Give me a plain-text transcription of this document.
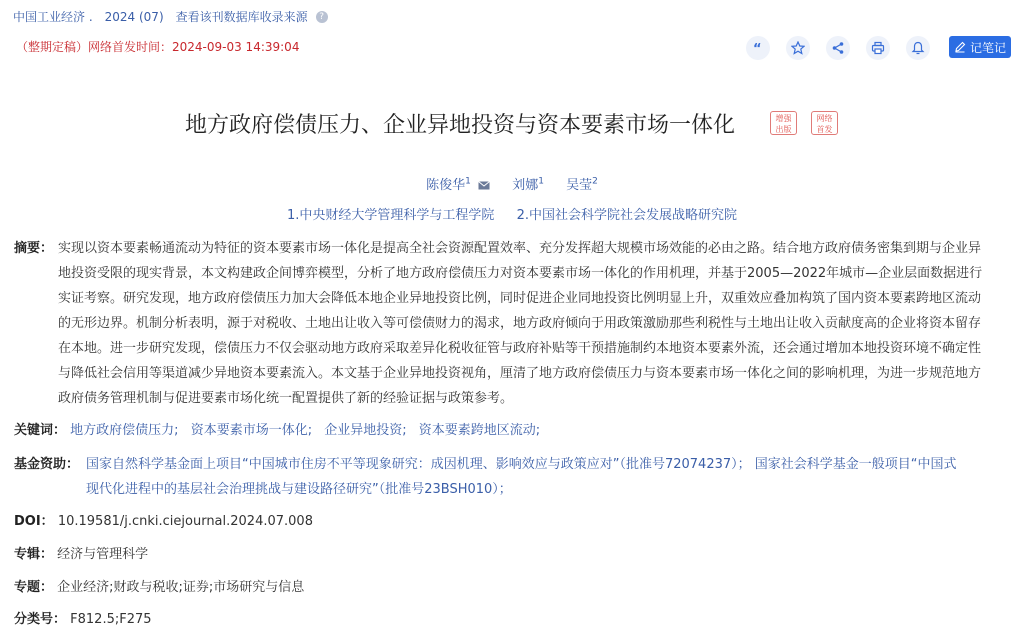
中国工业经济 . 2024 (07) 查看该刊数据库收录来源	?
（整期定稿）网络首发时间：2024-09-03 14:39:04	“	记笔记
地方政府偿债压力、企业异地投资与资本要素市场一体化	增强
出版
网络
首发
陈俊华$^1$	刘娜$^1$ 吴莹$^2$
1.中央财经大学管理科学与工程学院 2.中国社会科学院社会发展战略研究院
摘要： 实现以资本要素畅通流动为特征的资本要素市场一体化是提高全社会资源配置效率、充分发挥超大规模市场效能的必由之路。结合地方政府债务密集到期与企业异
地投资受限的现实背景，本文构建政企间博弈模型，分析了地方政府偿债压力对资本要素市场一体化的作用机理，并基于2005—2022年城市—企业层面数据进行
实证考察。研究发现，地方政府偿债压力加大会降低本地企业异地投资比例，同时促进企业同地投资比例明显上升，双重效应叠加构筑了国内资本要素跨地区流动
的无形边界。机制分析表明，源于对税收、土地出让收入等可偿债财力的渴求，地方政府倾向于用政策激励那些利税性与土地出让收入贡献度高的企业将资本留存
在本地。进一步研究发现，偿债压力不仅会驱动地方政府采取差异化税收征管与政府补贴等干预措施制约本地资本要素外流，还会通过增加本地投资环境不确定性
与降低社会信用等渠道减少异地资本要素流入。本文基于企业异地投资视角，厘清了地方政府偿债压力与资本要素市场一体化之间的影响机理，为进一步规范地方
政府债务管理机制与促进要素市场化统一配置提供了新的经验证据与政策参考。
关键词： 地方政府偿债压力; 资本要素市场一体化; 企业异地投资; 资本要素跨地区流动;
基金资助： 国家自然科学基金面上项目“中国城市住房不平等现象研究：成因机理、影响效应与政策应对”（批准号72074237）； 国家社会科学基金一般项目“中国式
现代化进程中的基层社会治理挑战与建设路径研究”（批准号23BSH010）；
DOI： 10.19581/j.cnki.ciejournal.2024.07.008
专辑： 经济与管理科学
专题： 企业经济;财政与税收;证券;市场研究与信息
分类号： F812.5;F275
